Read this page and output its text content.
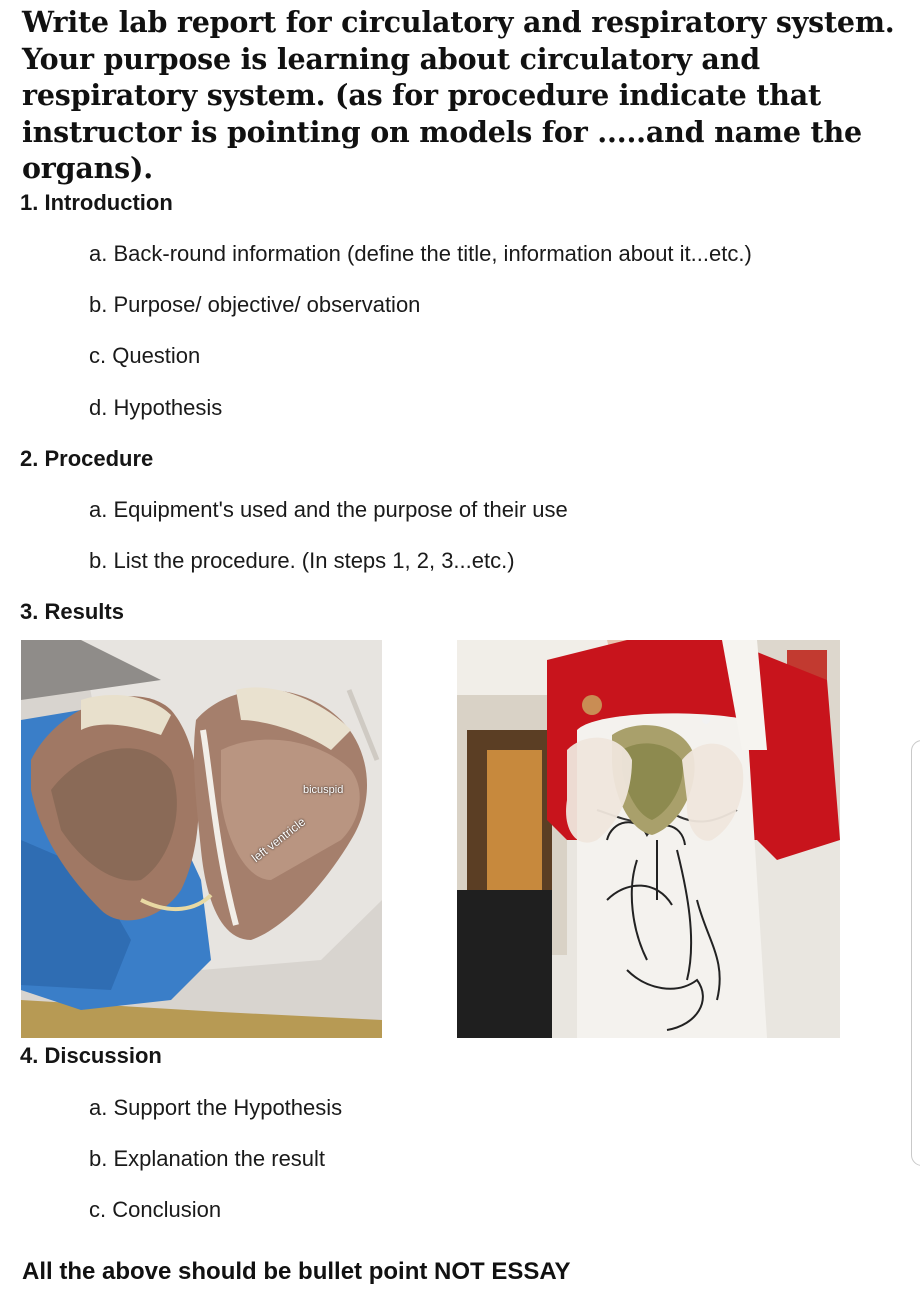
Write lab report for circulatory and respiratory system. Your purpose is learning about circulatory and respiratory system. (as for procedure indicate that instructor is pointing on models for .....and name the organs).

1. Introduction

a. Back-round information (define the title, information about it...etc.)

b. Purpose/ objective/ observation

c. Question

d. Hypothesis

2. Procedure

a. Equipment's used and the purpose of their use

b. List the procedure. (In steps 1, 2, 3...etc.)

3. Results

bicuspid
left ventricle

4. Discussion

a. Support the Hypothesis

b. Explanation the result

c. Conclusion

All the above should be bullet point NOT ESSAY
